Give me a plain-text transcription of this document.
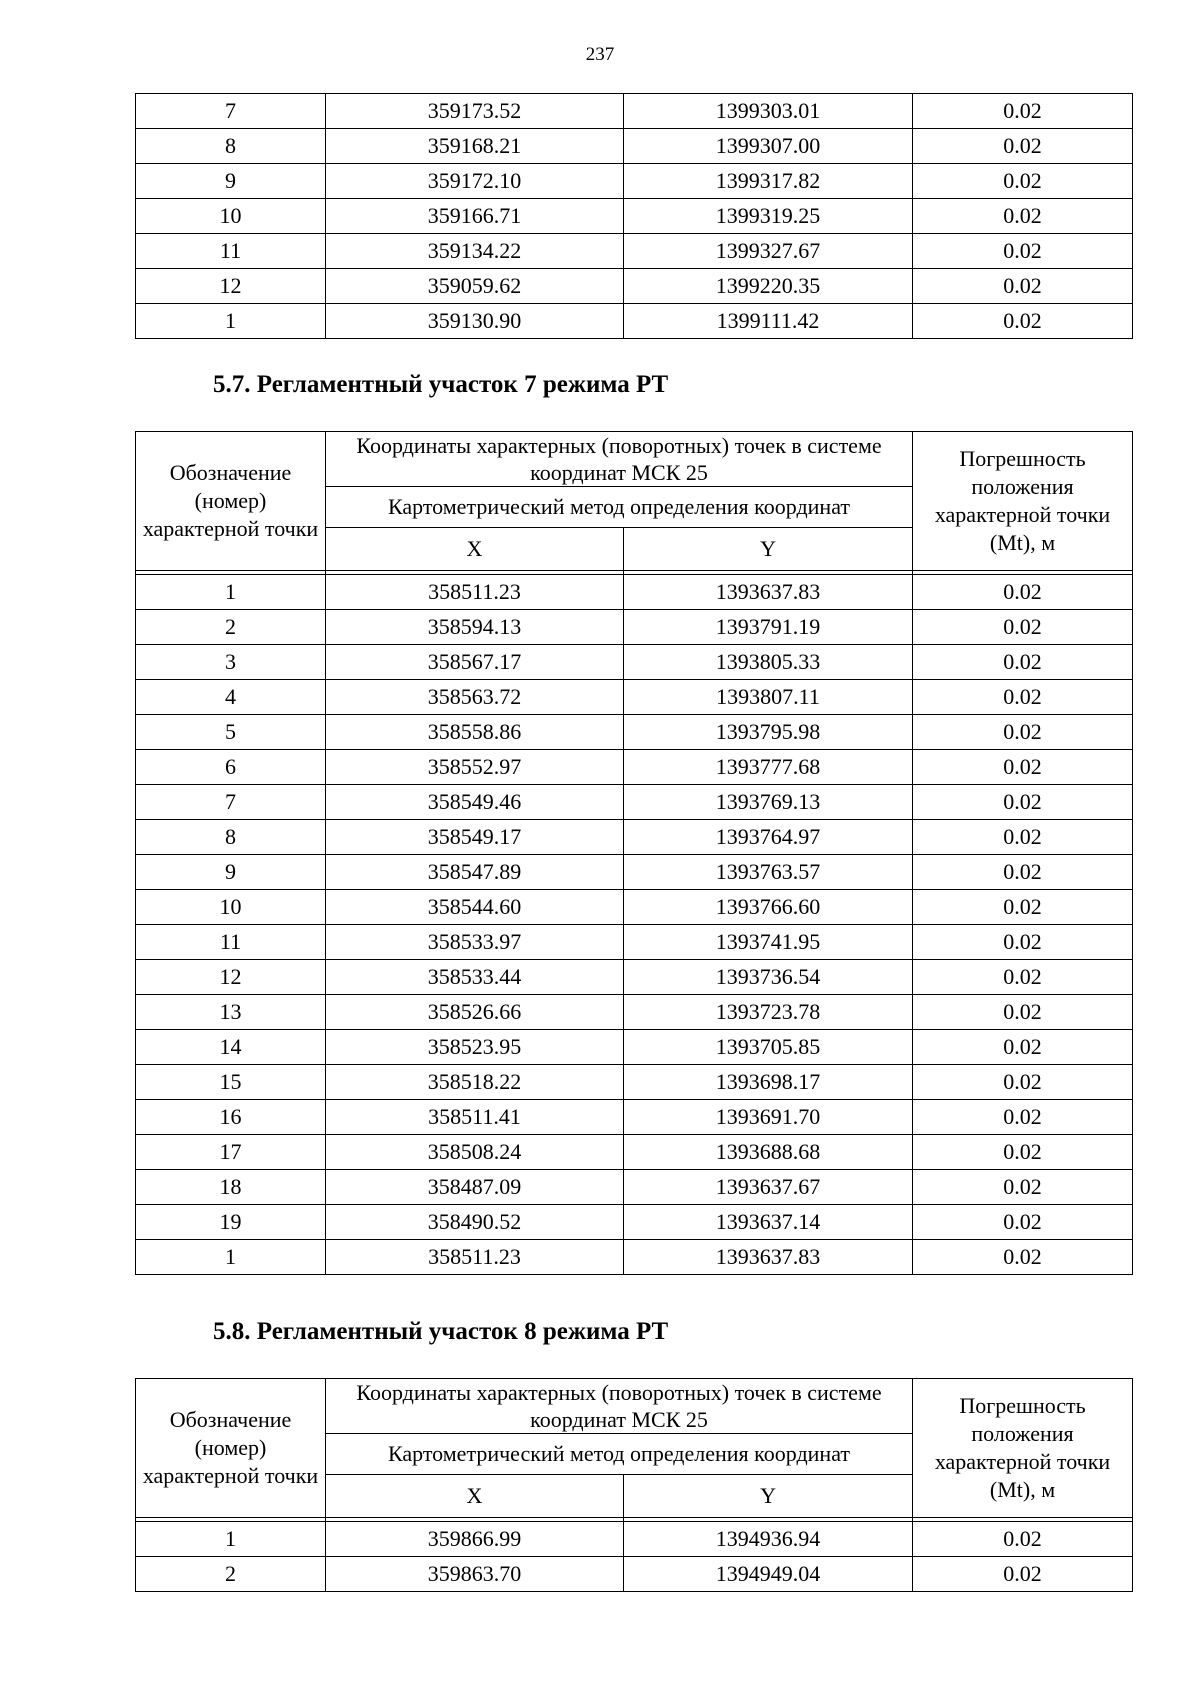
237
7	359173.52	1399303.01	0.02
8	359168.21	1399307.00	0.02
9	359172.10	1399317.82	0.02
10	359166.71	1399319.25	0.02
11	359134.22	1399327.67	0.02
12	359059.62	1399220.35	0.02
1	359130.90	1399111.42	0.02
5.7. Регламентный участок 7 режима РТ
Обозначение (номер) характерной точки	Координаты характерных (поворотных) точек в системе координат МСК 25		Погрешность положения характерной точки (Mt), м
	Картометрический метод определения координат		
	X	Y	

1	358511.23	1393637.83	0.02
2	358594.13	1393791.19	0.02
3	358567.17	1393805.33	0.02
4	358563.72	1393807.11	0.02
5	358558.86	1393795.98	0.02
6	358552.97	1393777.68	0.02
7	358549.46	1393769.13	0.02
8	358549.17	1393764.97	0.02
9	358547.89	1393763.57	0.02
10	358544.60	1393766.60	0.02
11	358533.97	1393741.95	0.02
12	358533.44	1393736.54	0.02
13	358526.66	1393723.78	0.02
14	358523.95	1393705.85	0.02
15	358518.22	1393698.17	0.02
16	358511.41	1393691.70	0.02
17	358508.24	1393688.68	0.02
18	358487.09	1393637.67	0.02
19	358490.52	1393637.14	0.02
1	358511.23	1393637.83	0.02
5.8. Регламентный участок 8 режима РТ
Обозначение (номер) характерной точки	Координаты характерных (поворотных) точек в системе координат МСК 25		Погрешность положения характерной точки (Mt), м
	Картометрический метод определения координат		
	X	Y	

1	359866.99	1394936.94	0.02
2	359863.70	1394949.04	0.02
